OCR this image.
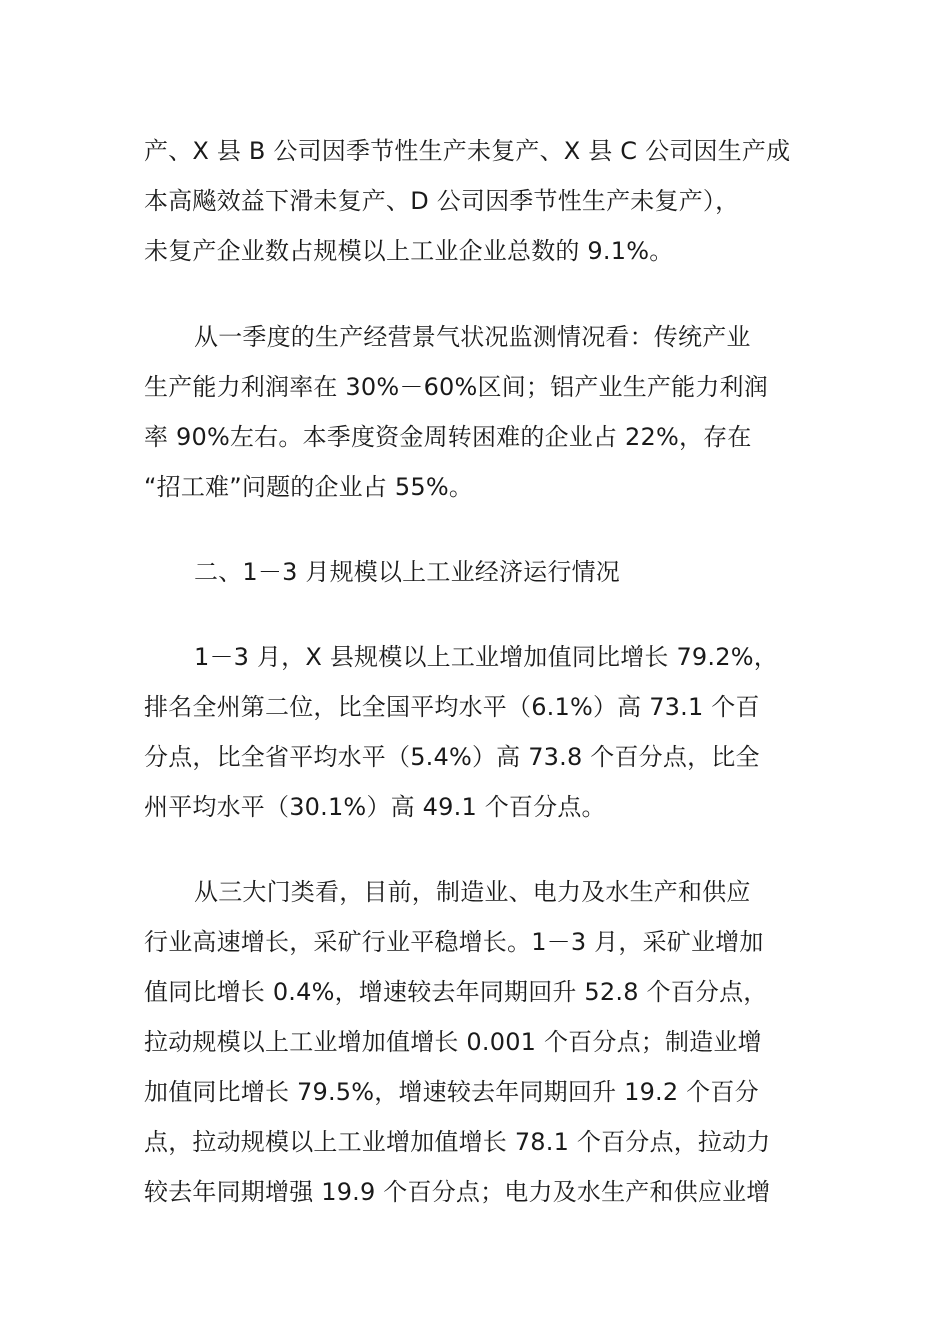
产、X 县 B 公司因季节性生产未复产、X 县 C 公司因生产成
本高飚效益下滑未复产、D 公司因季节性生产未复产），
未复产企业数占规模以上工业企业总数的 9.1%。
从一季度的生产经营景气状况监测情况看：传统产业
生产能力利润率在 30%－60%区间；铝产业生产能力利润
率 90%左右。本季度资金周转困难的企业占 22%，存在
“招工难”问题的企业占 55%。
二、1－3 月规模以上工业经济运行情况
1－3 月，X 县规模以上工业增加值同比增长 79.2%，
排名全州第二位，比全国平均水平（6.1%）高 73.1 个百
分点，比全省平均水平（5.4%）高 73.8 个百分点，比全
州平均水平（30.1%）高 49.1 个百分点。
从三大门类看，目前，制造业、电力及水生产和供应
行业高速增长，采矿行业平稳增长。1－3 月，采矿业增加
值同比增长 0.4%，增速较去年同期回升 52.8 个百分点，
拉动规模以上工业增加值增长 0.001 个百分点；制造业增
加值同比增长 79.5%，增速较去年同期回升 19.2 个百分
点，拉动规模以上工业增加值增长 78.1 个百分点，拉动力
较去年同期增强 19.9 个百分点；电力及水生产和供应业增
